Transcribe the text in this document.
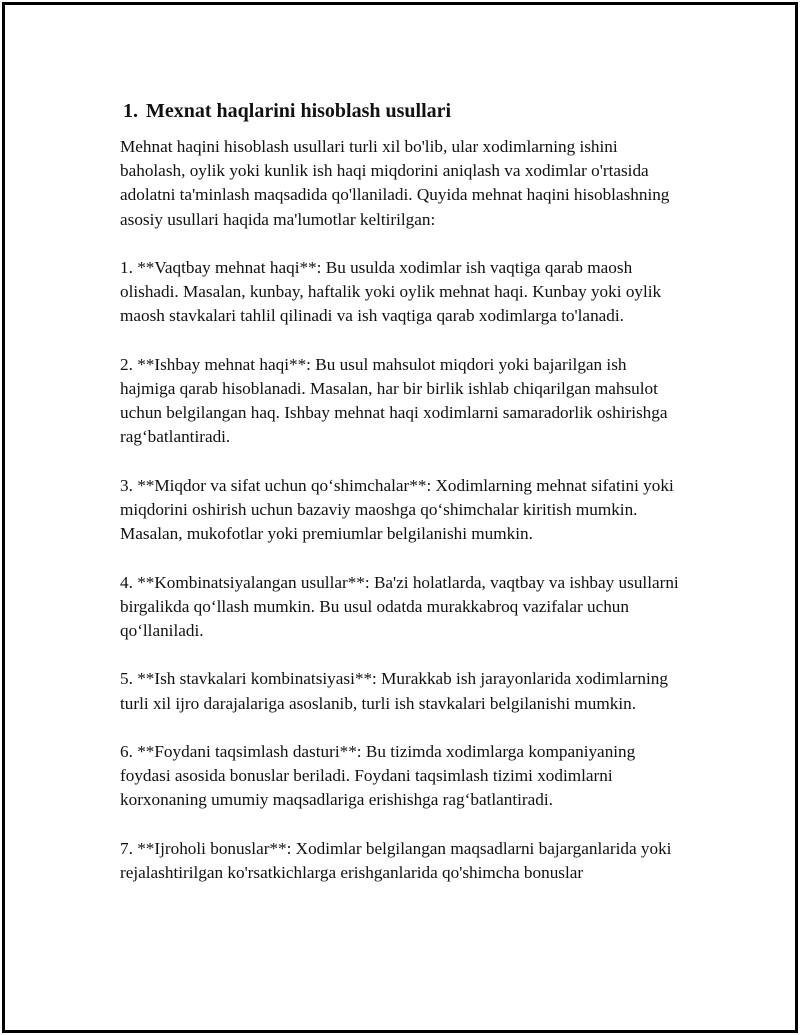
1. Mexnat haqlarini hisoblash usullari

Mehnat haqini hisoblash usullari turli xil bo'lib, ular xodimlarning ishini baholash, oylik yoki kunlik ish haqi miqdorini aniqlash va xodimlar o'rtasida adolatni ta'minlash maqsadida qo'llaniladi. Quyida mehnat haqini hisoblashning asosiy usullari haqida ma'lumotlar keltirilgan:

1. **Vaqtbay mehnat haqi**: Bu usulda xodimlar ish vaqtiga qarab maosh olishadi. Masalan, kunbay, haftalik yoki oylik mehnat haqi. Kunbay yoki oylik maosh stavkalari tahlil qilinadi va ish vaqtiga qarab xodimlarga to'lanadi.

2. **Ishbay mehnat haqi**: Bu usul mahsulot miqdori yoki bajarilgan ish hajmiga qarab hisoblanadi. Masalan, har bir birlik ishlab chiqarilgan mahsulot uchun belgilangan haq. Ishbay mehnat haqi xodimlarni samaradorlik oshirishga rag‘batlantiradi.

3. **Miqdor va sifat uchun qo‘shimchalar**: Xodimlarning mehnat sifatini yoki miqdorini oshirish uchun bazaviy maoshga qo‘shimchalar kiritish mumkin. Masalan, mukofotlar yoki premiumlar belgilanishi mumkin.

4. **Kombinatsiyalangan usullar**: Ba'zi holatlarda, vaqtbay va ishbay usullarni birgalikda qo‘llash mumkin. Bu usul odatda murakkabroq vazifalar uchun qo‘llaniladi.

5. **Ish stavkalari kombinatsiyasi**: Murakkab ish jarayonlarida xodimlarning turli xil ijro darajalariga asoslanib, turli ish stavkalari belgilanishi mumkin.

6. **Foydani taqsimlash dasturi**: Bu tizimda xodimlarga kompaniyaning foydasi asosida bonuslar beriladi. Foydani taqsimlash tizimi xodimlarni korxonaning umumiy maqsadlariga erishishga rag‘batlantiradi.

7. **Ijroholi bonuslar**: Xodimlar belgilangan maqsadlarni bajarganlarida yoki rejalashtirilgan ko'rsatkichlarga erishganlarida qo'shimcha bonuslar
